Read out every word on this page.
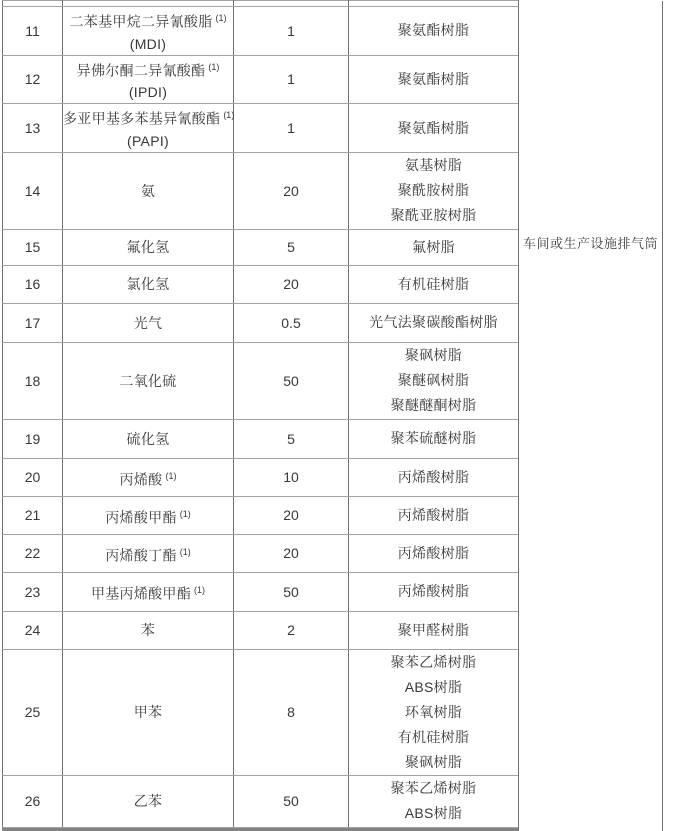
				车间或生产设施排气筒

11	二苯基甲烷二异氰酸脂 $^{(1)}$
(MDI)	1	聚氨酯树脂	

12	异佛尔酮二异氰酸酯 $^{(1)}$
(IPDI)	1	聚氨酯树脂	

13	多亚甲基多苯基异氰酸酯 $^{(1)}$
(PAPI)	1	聚氨酯树脂	

14	氨	20	氨基树脂
聚酰胺树脂
聚酰亚胺树脂	

15	氟化氢	5	氟树脂	

16	氯化氢	20	有机硅树脂	

17	光气	0.5	光气法聚碳酸酯树脂	

18	二氧化硫	50	聚砜树脂
聚醚砜树脂
聚醚醚酮树脂	

19	硫化氢	5	聚苯硫醚树脂	

20	丙烯酸 $^{(1)}$	10	丙烯酸树脂	

21	丙烯酸甲酯 $^{(1)}$	20	丙烯酸树脂	

22	丙烯酸丁酯 $^{(1)}$	20	丙烯酸树脂	

23	甲基丙烯酸甲酯 $^{(1)}$	50	丙烯酸树脂	

24	苯	2	聚甲醛树脂	

25	甲苯	8	聚苯乙烯树脂
ABS树脂
环氧树脂
有机硅树脂
聚砜树脂	

26	乙苯	50	聚苯乙烯树脂
ABS树脂	
